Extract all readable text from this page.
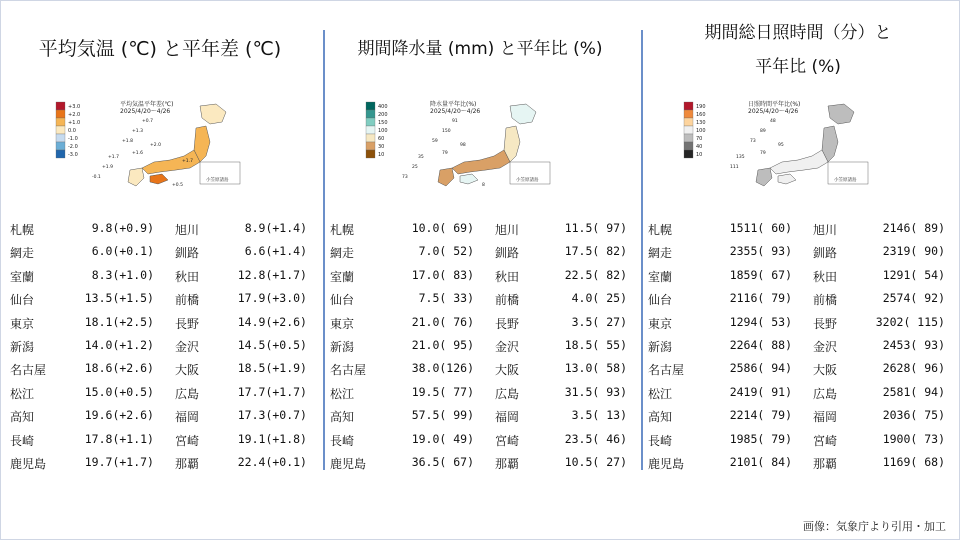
平均気温 (℃) と平年差 (℃)
+3.0
+2.0
+1.0
0.0
-1.0
-2.0
-3.0
平均気温平年差(℃)
2025/4/20〜4/26
小笠原諸島
+0.7
+1.3
+1.8
+1.6
+2.0
+1.7
+1.9
-0.1
+0.5
+1.7
札幌	9.8(+0.9) 旭川	8.9(+1.4)
網走	6.0(+0.1) 釧路	6.6(+1.4)
室蘭	8.3(+1.0) 秋田	12.8(+1.7)
仙台	13.5(+1.5) 前橋	17.9(+3.0)
東京	18.1(+2.5) 長野	14.9(+2.6)
新潟	14.0(+1.2) 金沢	14.5(+0.5)
名古屋	18.6(+2.6) 大阪	18.5(+1.9)
松江	15.0(+0.5) 広島	17.7(+1.7)
高知	19.6(+2.6) 福岡	17.3(+0.7)
長崎	17.8(+1.1) 宮崎	19.1(+1.8)
鹿児島	19.7(+1.7) 那覇	22.4(+0.1)
期間降水量 (mm) と平年比 (%)
400
200
150
100
60
30
10
降水量平年比(%)
2025/4/20〜4/26
小笠原諸島
91
150
59
79
98
35
25
73
8
札幌	10.0( 69) 旭川	11.5( 97)
網走	7.0( 52) 釧路	17.5( 82)
室蘭	17.0( 83) 秋田	22.5( 82)
仙台	7.5( 33) 前橋	4.0( 25)
東京	21.0( 76) 長野	3.5( 27)
新潟	21.0( 95) 金沢	18.5( 55)
名古屋	38.0(126) 大阪	13.0( 58)
松江	19.5( 77) 広島	31.5( 93)
高知	57.5( 99) 福岡	3.5( 13)
長崎	19.0( 49) 宮崎	23.5( 46)
鹿児島	36.5( 67) 那覇	10.5( 27)
期間総日照時間（分）と
平年比 (%)
190
160
130
100
70
40
10
日照時間平年比(%)
2025/4/20〜4/26
小笠原諸島
48
89
73
79
95
135
111
札幌	1511( 60) 旭川	2146( 89)
網走	2355( 93) 釧路	2319( 90)
室蘭	1859( 67) 秋田	1291( 54)
仙台	2116( 79) 前橋	2574( 92)
東京	1294( 53) 長野	3202( 115)
新潟	2264( 88) 金沢	2453( 93)
名古屋	2586( 94) 大阪	2628( 96)
松江	2419( 91) 広島	2581( 94)
高知	2214( 79) 福岡	2036( 75)
長崎	1985( 79) 宮崎	1900( 73)
鹿児島	2101( 84) 那覇	1169( 68)
画像：気象庁より引用・加工
